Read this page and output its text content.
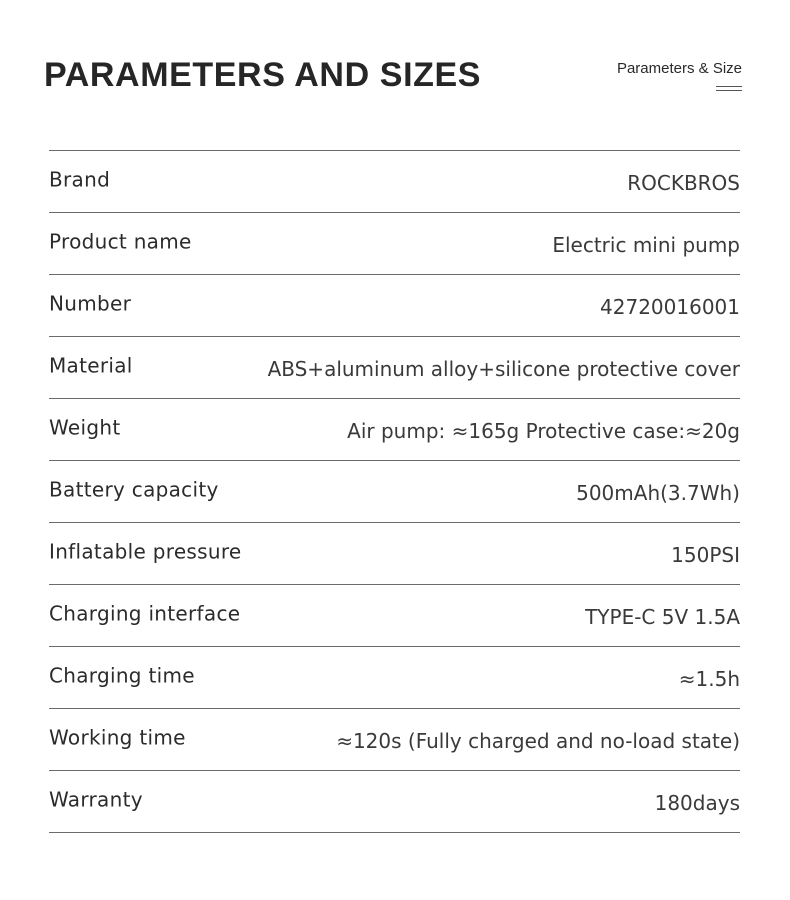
PARAMETERS AND SIZES	Parameters & Size
Brand	ROCKBROS
Product name	Electric mini pump
Number	42720016001
Material	ABS+aluminum alloy+silicone protective cover
Weight	Air pump: ≈165g Protective case:≈20g
Battery capacity	500mAh(3.7Wh)
Inflatable pressure	150PSI
Charging interface	TYPE-C 5V 1.5A
Charging time	≈1.5h
Working time	≈120s (Fully charged and no-load state)
Warranty	180days
